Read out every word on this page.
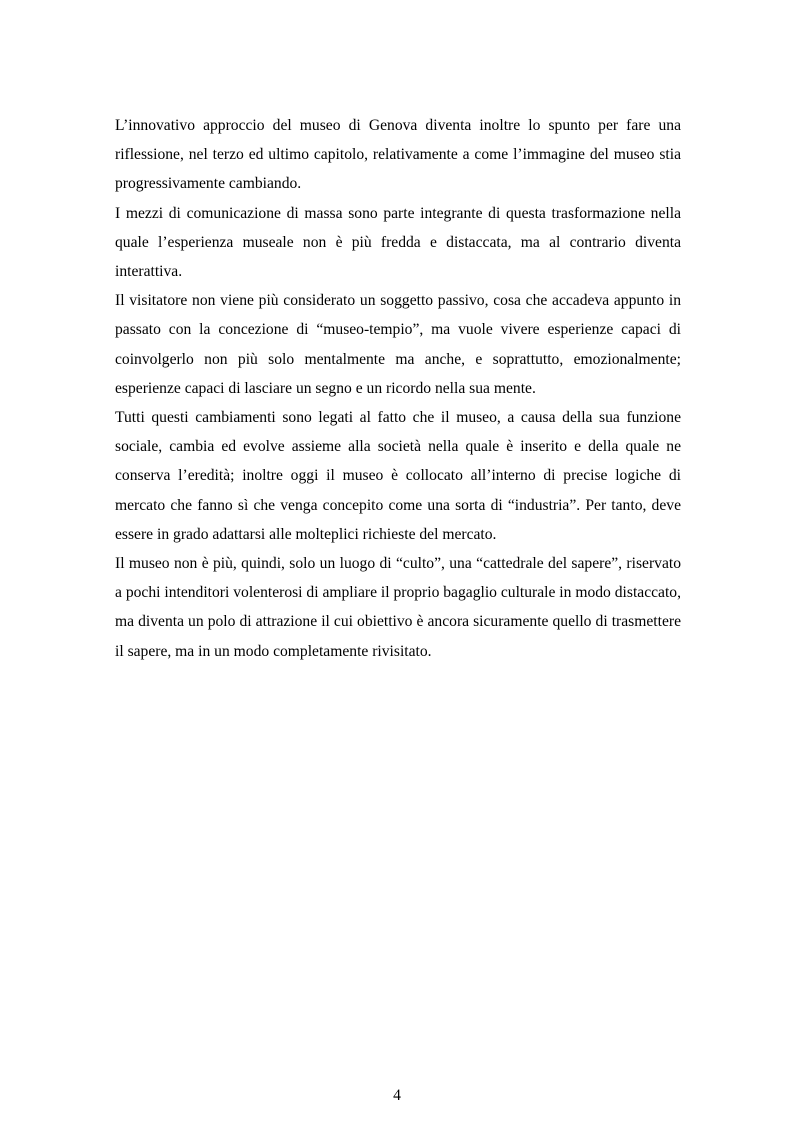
L’innovativo approccio del museo di Genova diventa inoltre lo spunto per fare una riflessione, nel terzo ed ultimo capitolo, relativamente a come l’immagine del museo stia progressivamente cambiando.

I mezzi di comunicazione di massa sono parte integrante di questa trasformazione nella quale l’esperienza museale non è più fredda e distaccata, ma al contrario diventa interattiva.

Il visitatore non viene più considerato un soggetto passivo, cosa che accadeva appunto in passato con la concezione di “museo-tempio”, ma vuole vivere esperienze capaci di coinvolgerlo non più solo mentalmente ma anche, e soprattutto, emozionalmente; esperienze capaci di lasciare un segno e un ricordo nella sua mente.

Tutti questi cambiamenti sono legati al fatto che il museo, a causa della sua funzione sociale, cambia ed evolve assieme alla società nella quale è inserito e della quale ne conserva l’eredità; inoltre oggi il museo è collocato all’interno di precise logiche di mercato che fanno sì che venga concepito come una sorta di “industria”. Per tanto, deve essere in grado adattarsi alle molteplici richieste del mercato.

Il museo non è più, quindi, solo un luogo di “culto”, una “cattedrale del sapere”, riservato a pochi intenditori volenterosi di ampliare il proprio bagaglio culturale in modo distaccato, ma diventa un polo di attrazione il cui obiettivo è ancora sicuramente quello di trasmettere il sapere, ma in un modo completamente rivisitato.

4
